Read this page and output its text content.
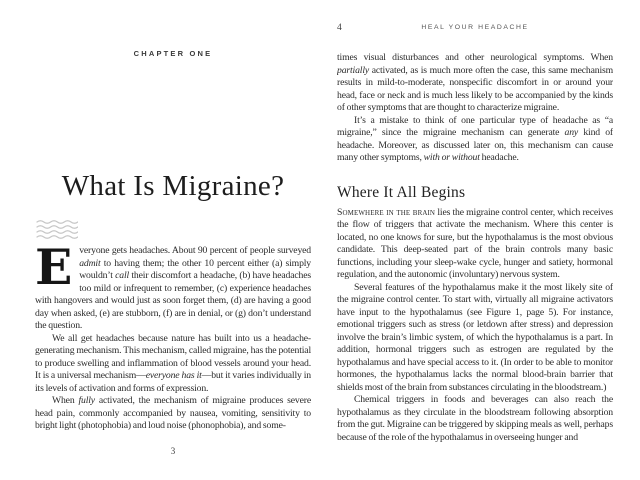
CHAPTER ONE
What Is Migraine?

Everyone gets headaches. About 90 percent of people surveyed admit to having them; the other 10 percent either (a) simply wouldn’t call their discomfort a headache, (b) have headaches too mild or infrequent to remember, (c) experience headaches with hangovers and would just as soon forget them, (d) are having a good day when asked, (e) are stubborn, (f) are in denial, or (g) don’t understand the question.

We all get headaches because nature has built into us a headache-generating mechanism. This mechanism, called migraine, has the potential to produce swelling and inflammation of blood vessels around your head. It is a universal mechanism—everyone has it—but it varies individually in its levels of activation and forms of expression.

When fully activated, the mechanism of migraine produces severe head pain, commonly accompanied by nausea, vomiting, sensitivity to bright light (photophobia) and loud noise (phonophobia), and some-

3
4	HEAL YOUR HEADACHE

times visual disturbances and other neurological symptoms. When partially activated, as is much more often the case, this same mechanism results in mild-to-moderate, nonspecific discomfort in or around your head, face or neck and is much less likely to be accompanied by the kinds of other symptoms that are thought to characterize migraine.

It’s a mistake to think of one particular type of headache as “a migraine,” since the migraine mechanism can generate any kind of headache. Moreover, as discussed later on, this mechanism can cause many other symptoms, with or without headache.

Where It All Begins

Somewhere in the brain lies the migraine control center, which receives the flow of triggers that activate the mechanism. Where this center is located, no one knows for sure, but the hypothalamus is the most obvious candidate. This deep-seated part of the brain controls many basic functions, including your sleep-wake cycle, hunger and satiety, hormonal regulation, and the autonomic (involuntary) nervous system.

Several features of the hypothalamus make it the most likely site of the migraine control center. To start with, virtually all migraine activators have input to the hypothalamus (see Figure 1, page 5). For instance, emotional triggers such as stress (or letdown after stress) and depression involve the brain’s limbic system, of which the hypothalamus is a part. In addition, hormonal triggers such as estrogen are regulated by the hypothalamus and have special access to it. (In order to be able to monitor hormones, the hypothalamus lacks the normal blood-brain barrier that shields most of the brain from substances circulating in the bloodstream.)

Chemical triggers in foods and beverages can also reach the hypothalamus as they circulate in the bloodstream following absorption from the gut. Migraine can be triggered by skipping meals as well, perhaps because of the role of the hypothalamus in overseeing hunger and
